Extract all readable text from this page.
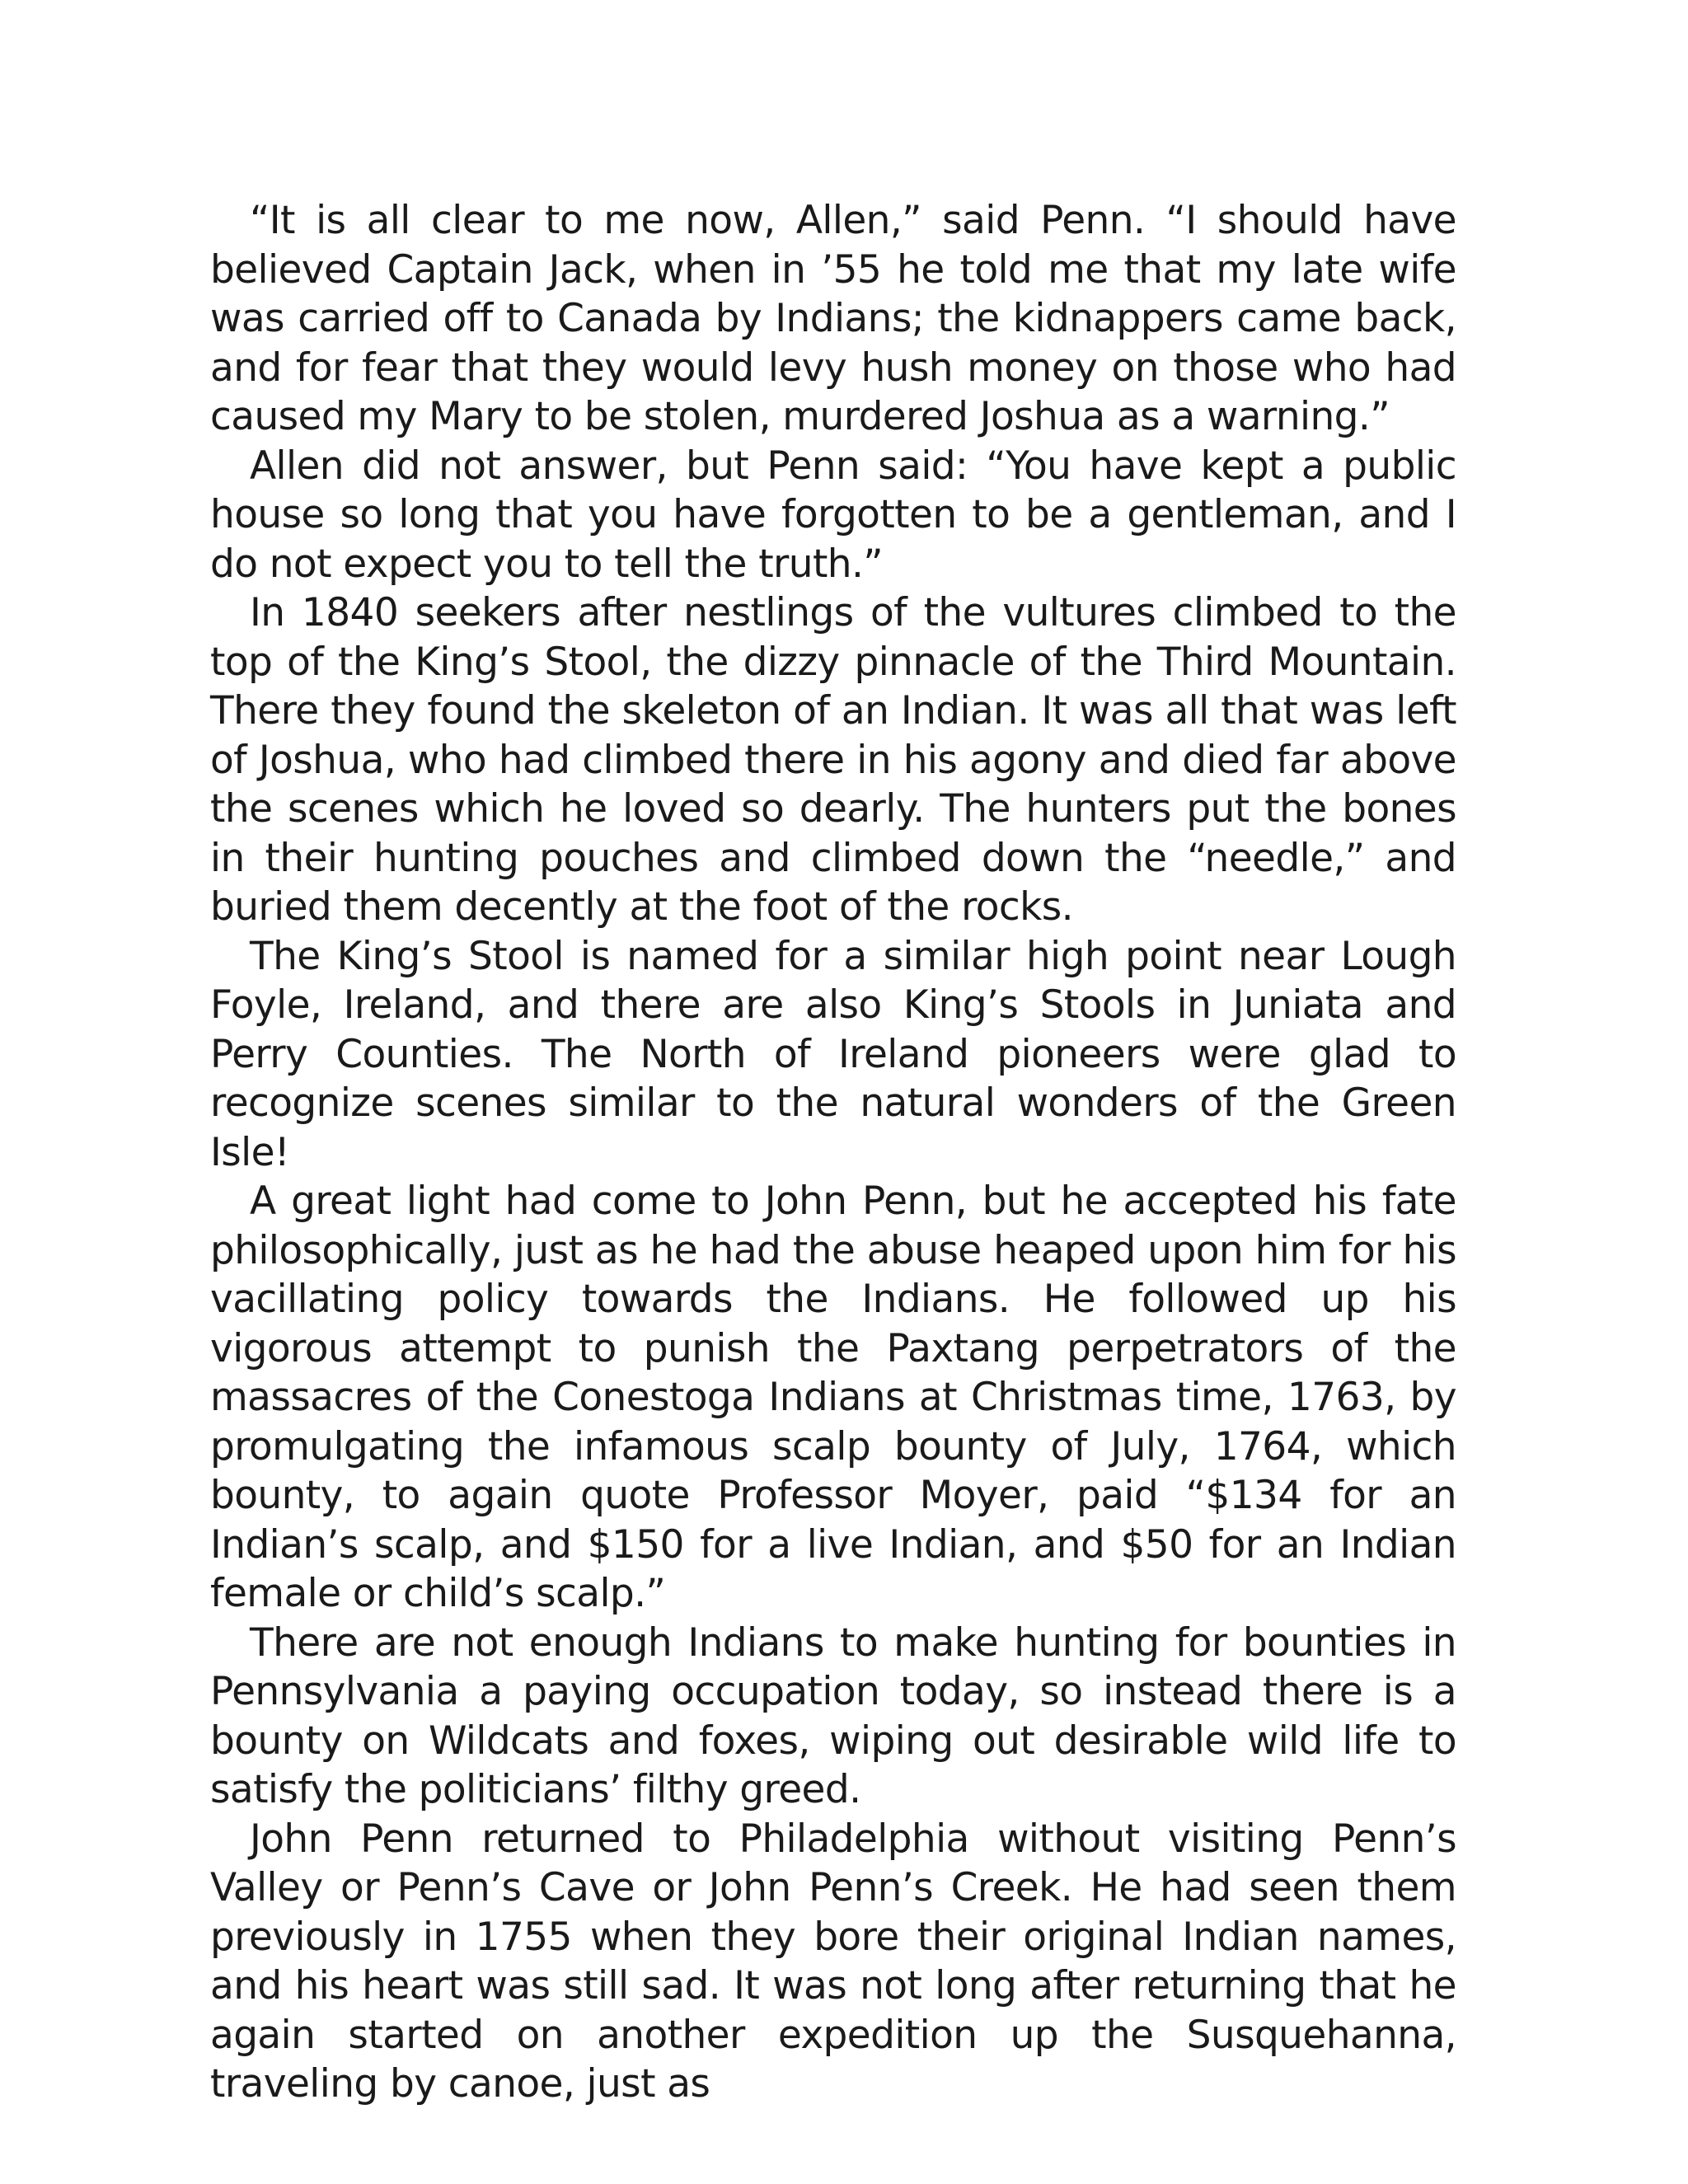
“It is all clear to me now, Allen,” said Penn. “I should have believed Captain Jack, when in ’55 he told me that my late wife was carried off to Canada by Indians; the kidnappers came back, and for fear that they would levy hush money on those who had caused my Mary to be stolen, murdered Joshua as a warning.”

Allen did not answer, but Penn said: “You have kept a public house so long that you have forgotten to be a gentleman, and I do not expect you to tell the truth.”

In 1840 seekers after nestlings of the vultures climbed to the top of the King’s Stool, the dizzy pinnacle of the Third Mountain. There they found the skeleton of an Indian. It was all that was left of Joshua, who had climbed there in his agony and died far above the scenes which he loved so dearly. The hunters put the bones in their hunting pouches and climbed down the “needle,” and buried them decently at the foot of the rocks.

The King’s Stool is named for a similar high point near Lough Foyle, Ireland, and there are also King’s Stools in Juniata and Perry Counties. The North of Ireland pioneers were glad to recognize scenes similar to the natural wonders of the Green Isle!

A great light had come to John Penn, but he accepted his fate philosophically, just as he had the abuse heaped upon him for his vacillating policy towards the Indians. He followed up his vigorous attempt to punish the Paxtang perpetrators of the massacres of the Conestoga Indians at Christmas time, 1763, by promulgating the infamous scalp bounty of July, 1764, which bounty, to again quote Professor Moyer, paid “$134 for an Indian’s scalp, and $150 for a live Indian, and $50 for an Indian female or child’s scalp.”

There are not enough Indians to make hunting for bounties in Pennsylvania a paying occupation today, so instead there is a bounty on Wildcats and foxes, wiping out desirable wild life to satisfy the politicians’ filthy greed.

John Penn returned to Philadelphia without visiting Penn’s Valley or Penn’s Cave or John Penn’s Creek. He had seen them previously in 1755 when they bore their original Indian names, and his heart was still sad. It was not long after returning that he again started on another expedition up the Susquehanna, traveling by canoe, just as
